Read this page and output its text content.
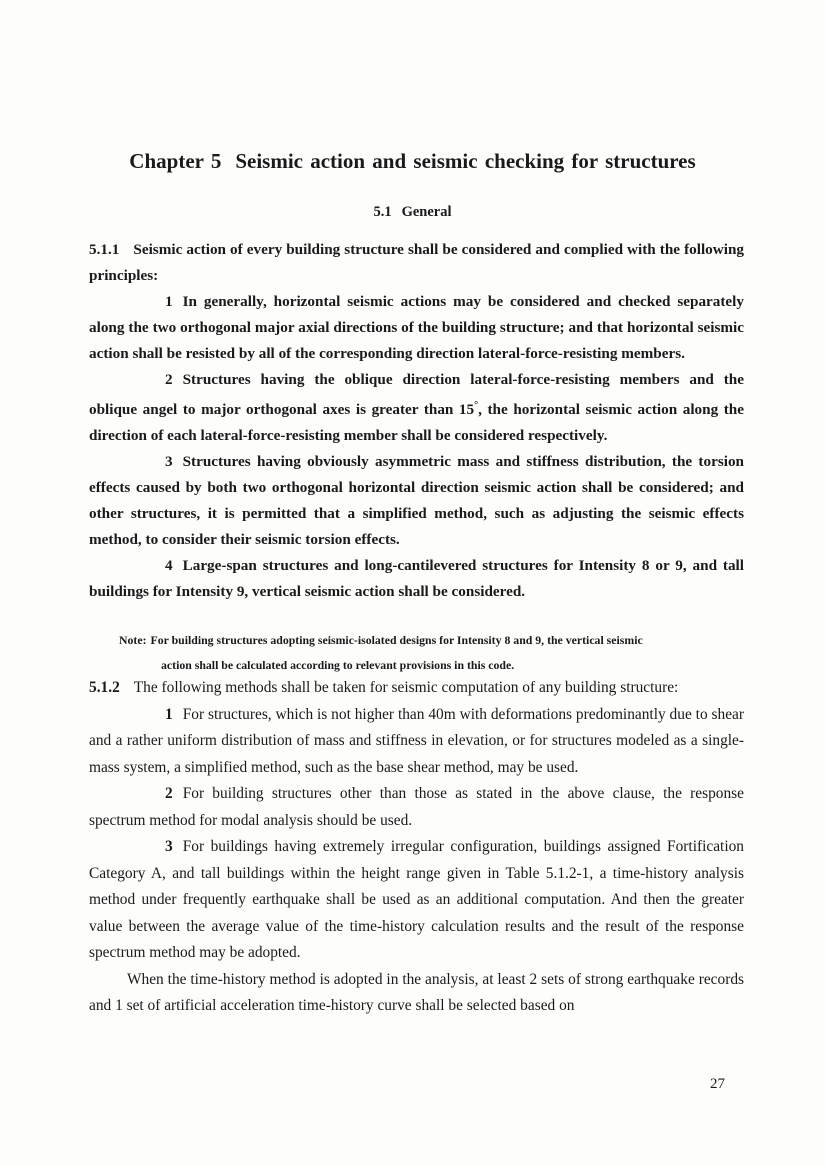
Chapter 5 Seismic action and seismic checking for structures
5.1 General

5.1.1 Seismic action of every building structure shall be considered and complied with the following principles:

1 In generally, horizontal seismic actions may be considered and checked separately along the two orthogonal major axial directions of the building structure; and that horizontal seismic action shall be resisted by all of the corresponding direction lateral-force-resisting members.

2 Structures having the oblique direction lateral-force-resisting members and the oblique angel to major orthogonal axes is greater than 15°, the horizontal seismic action along the direction of each lateral-force-resisting member shall be considered respectively.

3 Structures having obviously asymmetric mass and stiffness distribution, the torsion effects caused by both two orthogonal horizontal direction seismic action shall be considered; and other structures, it is permitted that a simplified method, such as adjusting the seismic effects method, to consider their seismic torsion effects.

4 Large-span structures and long-cantilevered structures for Intensity 8 or 9, and tall buildings for Intensity 9, vertical seismic action shall be considered.

Note: For building structures adopting seismic-isolated designs for Intensity 8 and 9, the vertical seismic

action shall be calculated according to relevant provisions in this code.

5.1.2 The following methods shall be taken for seismic computation of any building structure:

1 For structures, which is not higher than 40m with deformations predominantly due to shear and a rather uniform distribution of mass and stiffness in elevation, or for structures modeled as a single-mass system, a simplified method, such as the base shear method, may be used.

2 For building structures other than those as stated in the above clause, the response spectrum method for modal analysis should be used.

3 For buildings having extremely irregular configuration, buildings assigned Fortification Category A, and tall buildings within the height range given in Table 5.1.2-1, a time-history analysis method under frequently earthquake shall be used as an additional computation. And then the greater value between the average value of the time-history calculation results and the result of the response spectrum method may be adopted.

When the time-history method is adopted in the analysis, at least 2 sets of strong earthquake records and 1 set of artificial acceleration time-history curve shall be selected based on

27
